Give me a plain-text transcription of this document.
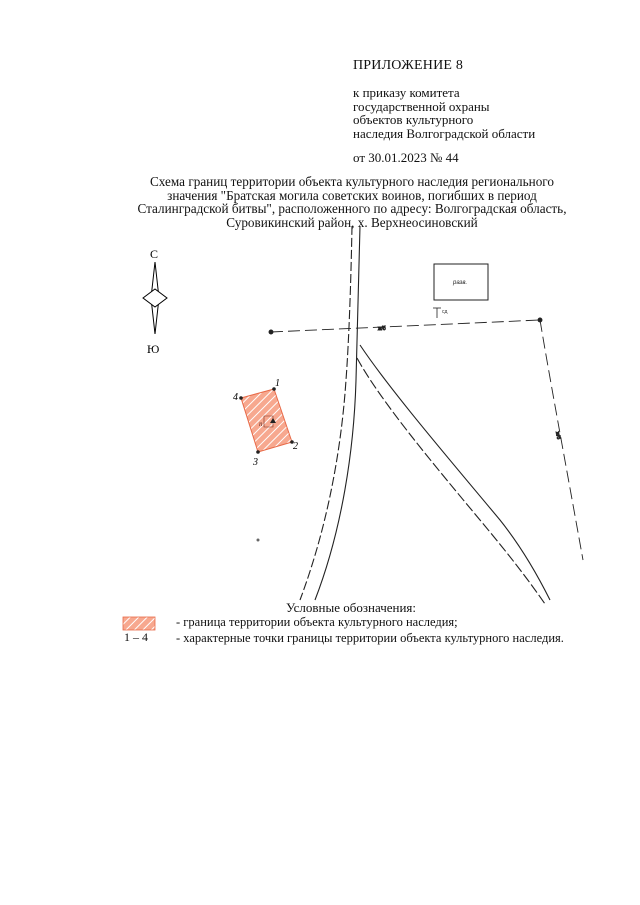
ПРИЛОЖЕНИЕ 8
к приказу комитета
государственной охраны
объектов культурного
наследия Волгоградской области
от 30.01.2023 № 44
Схема границ территории объекта культурного наследия регионального
значения "Братская могила советских воинов, погибших в период
Сталинградской битвы", расположенного по адресу: Волгоградская область,
Суровикинский район, х. Верхнеосиновский
С
Ю
ж/б
ж/б
разв.
сд
п
1
2
3
4
Условные обозначения:
- граница территории объекта культурного наследия;
1 – 4 - характерные точки границы территории объекта культурного наследия.
